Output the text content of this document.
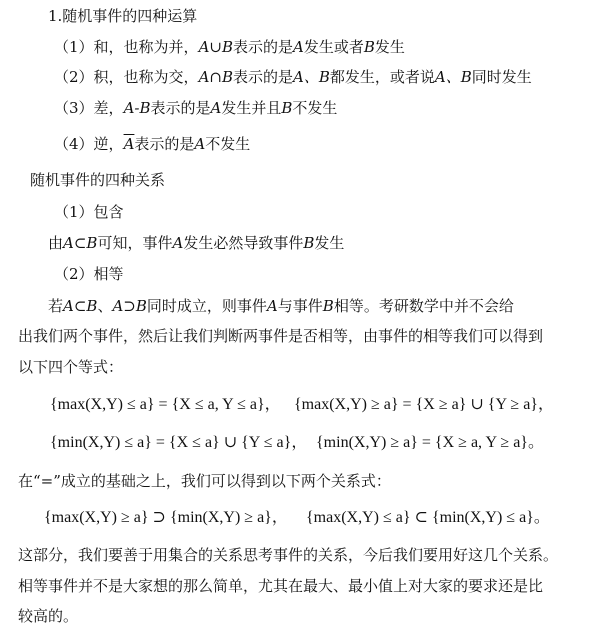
1.随机事件的四种运算
（1）和，也称为并，A∪B表示的是A发生或者B发生
（2）积，也称为交，A∩B表示的是A、B都发生，或者说A、B同时发生
（3）差，A-B表示的是A发生并且B不发生
（4）逆，$\overline{A}$表示的是A不发生
随机事件的四种关系
（1）包含
由A⊂B可知，事件A发生必然导致事件B发生
（2）相等
若A⊂B、A⊃B同时成立，则事件A与事件B相等。考研数学中并不会给
出我们两个事件，然后让我们判断两事件是否相等，由事件的相等我们可以得到
以下四个等式：
{max(X,Y) ≤ a} = {X ≤ a, Y ≤ a}， {max(X,Y) ≥ a} = {X ≥ a} ∪ {Y ≥ a}，
{min(X,Y) ≤ a} = {X ≤ a} ∪ {Y ≤ a}， {min(X,Y) ≥ a} = {X ≥ a, Y ≥ a}。
在“=”成立的基础之上，我们可以得到以下两个关系式：
{max(X,Y) ≥ a} ⊃ {min(X,Y) ≥ a}， {max(X,Y) ≤ a} ⊂ {min(X,Y) ≤ a}。
这部分，我们要善于用集合的关系思考事件的关系，今后我们要用好这几个关系。
相等事件并不是大家想的那么简单，尤其在最大、最小值上对大家的要求还是比
较高的。
